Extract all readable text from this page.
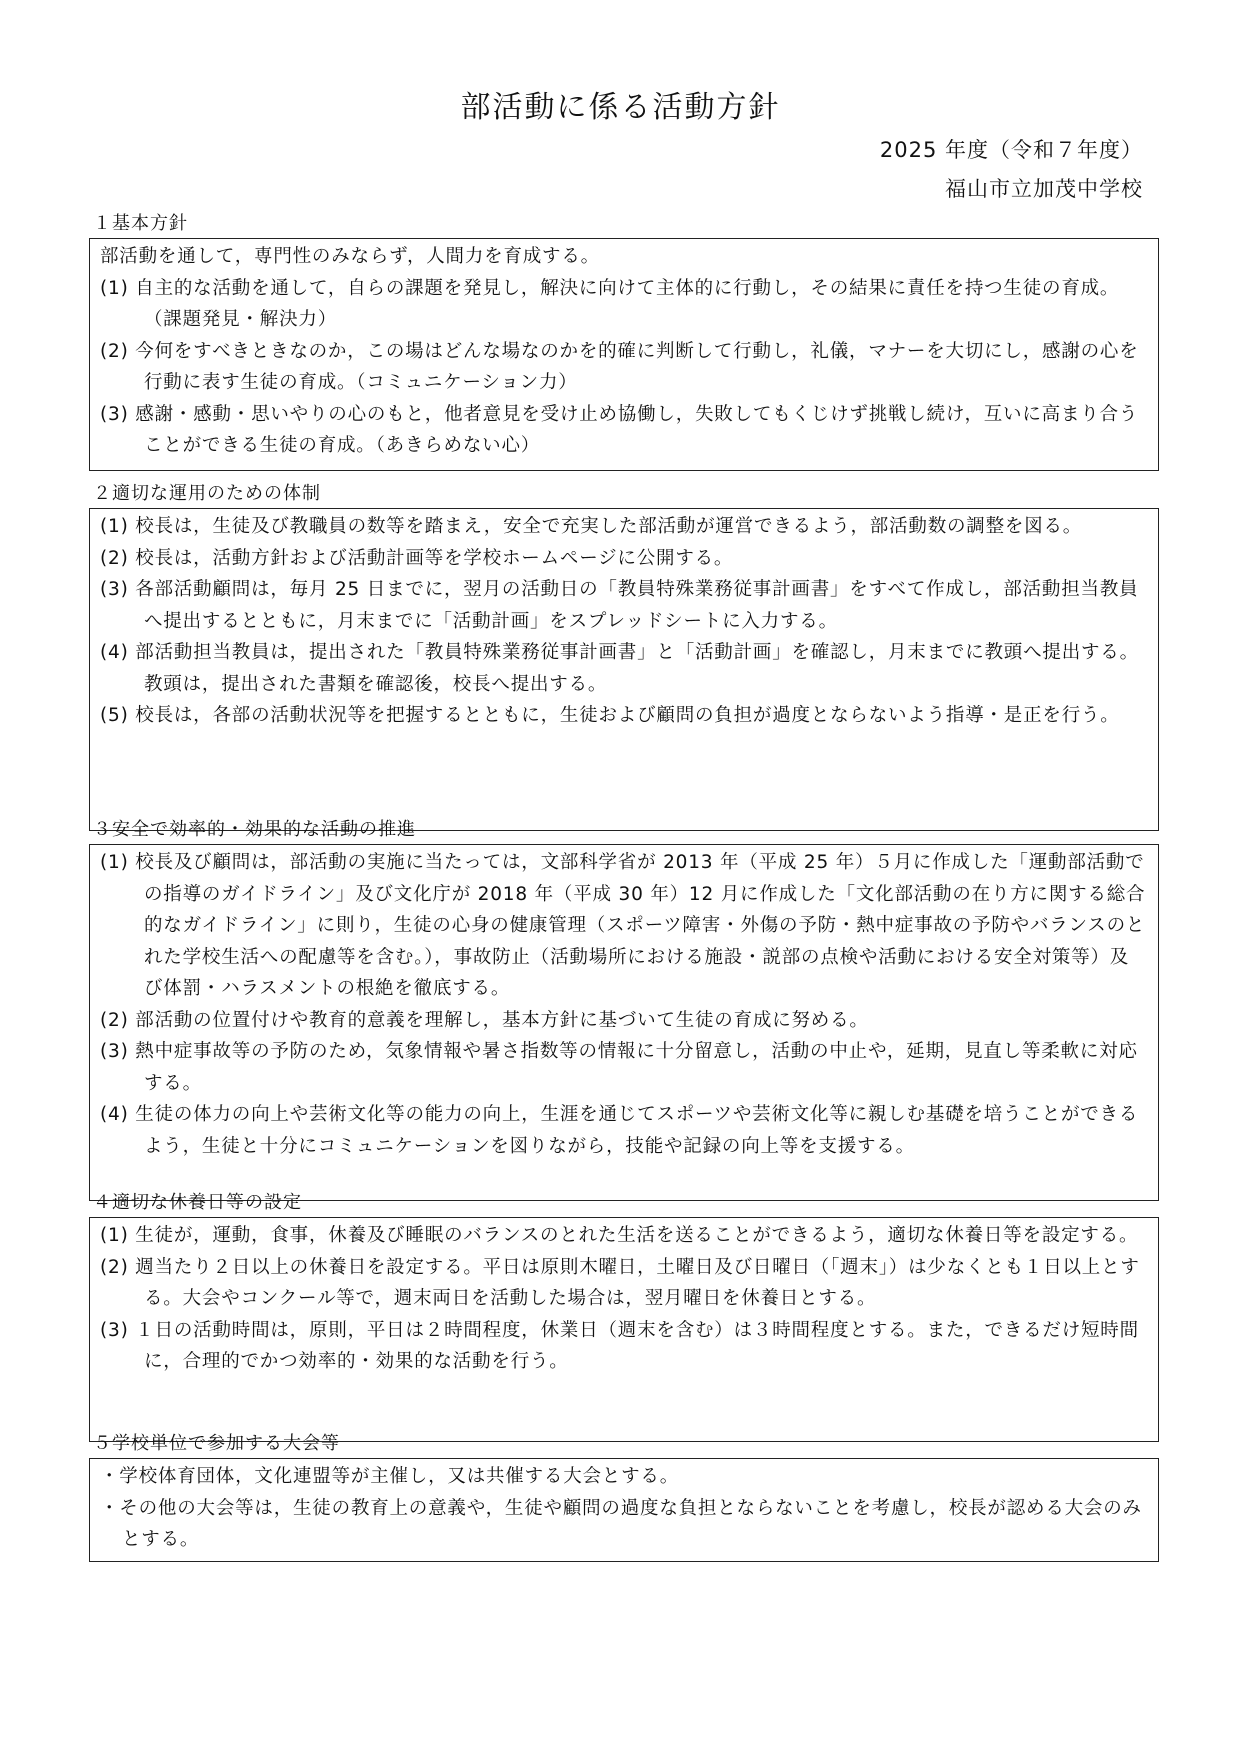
部活動に係る活動方針
2025 年度（令和７年度）
福山市立加茂中学校
１基本方針

部活動を通して，専門性のみならず，人間力を育成する。

(1) 自主的な活動を通して，自らの課題を発見し，解決に向けて主体的に行動し，その結果に責任を持つ生徒の育成。（課題発見・解決力）

(2) 今何をすべきときなのか，この場はどんな場なのかを的確に判断して行動し，礼儀，マナーを大切にし，感謝の心を行動に表す生徒の育成。（コミュニケーション力）

(3) 感謝・感動・思いやりの心のもと，他者意見を受け止め協働し，失敗してもくじけず挑戦し続け，互いに高まり合うことができる生徒の育成。（あきらめない心）

２適切な運用のための体制

(1) 校長は，生徒及び教職員の数等を踏まえ，安全で充実した部活動が運営できるよう，部活動数の調整を図る。

(2) 校長は，活動方針および活動計画等を学校ホームページに公開する。

(3) 各部活動顧問は，毎月 25 日までに，翌月の活動日の「教員特殊業務従事計画書」をすべて作成し，部活動担当教員へ提出するとともに，月末までに「活動計画」をスプレッドシートに入力する。

(4) 部活動担当教員は，提出された「教員特殊業務従事計画書」と「活動計画」を確認し，月末までに教頭へ提出する。教頭は，提出された書類を確認後，校長へ提出する。

(5) 校長は，各部の活動状況等を把握するとともに，生徒および顧問の負担が過度とならないよう指導・是正を行う。

３安全で効率的・効果的な活動の推進

(1) 校長及び顧問は，部活動の実施に当たっては，文部科学省が 2013 年（平成 25 年）５月に作成した「運動部活動での指導のガイドライン」及び文化庁が 2018 年（平成 30 年）12 月に作成した「文化部活動の在り方に関する総合的なガイドライン」に則り，生徒の心身の健康管理（スポーツ障害・外傷の予防・熱中症事故の予防やバランスのとれた学校生活への配慮等を含む。），事故防止（活動場所における施設・説部の点検や活動における安全対策等）及び体罰・ハラスメントの根絶を徹底する。

(2) 部活動の位置付けや教育的意義を理解し，基本方針に基づいて生徒の育成に努める。

(3) 熱中症事故等の予防のため，気象情報や暑さ指数等の情報に十分留意し，活動の中止や，延期，見直し等柔軟に対応する。

(4) 生徒の体力の向上や芸術文化等の能力の向上，生涯を通じてスポーツや芸術文化等に親しむ基礎を培うことができるよう，生徒と十分にコミュニケーションを図りながら，技能や記録の向上等を支援する。

４適切な休養日等の設定

(1) 生徒が，運動，食事，休養及び睡眠のバランスのとれた生活を送ることができるよう，適切な休養日等を設定する。

(2) 週当たり２日以上の休養日を設定する。平日は原則木曜日，土曜日及び日曜日（「週末」）は少なくとも１日以上とする。大会やコンクール等で，週末両日を活動した場合は，翌月曜日を休養日とする。

(3) １日の活動時間は，原則，平日は２時間程度，休業日（週末を含む）は３時間程度とする。また，できるだけ短時間に，合理的でかつ効率的・効果的な活動を行う。

５学校単位で参加する大会等

・学校体育団体，文化連盟等が主催し，又は共催する大会とする。

・その他の大会等は，生徒の教育上の意義や，生徒や顧問の過度な負担とならないことを考慮し，校長が認める大会のみとする。
